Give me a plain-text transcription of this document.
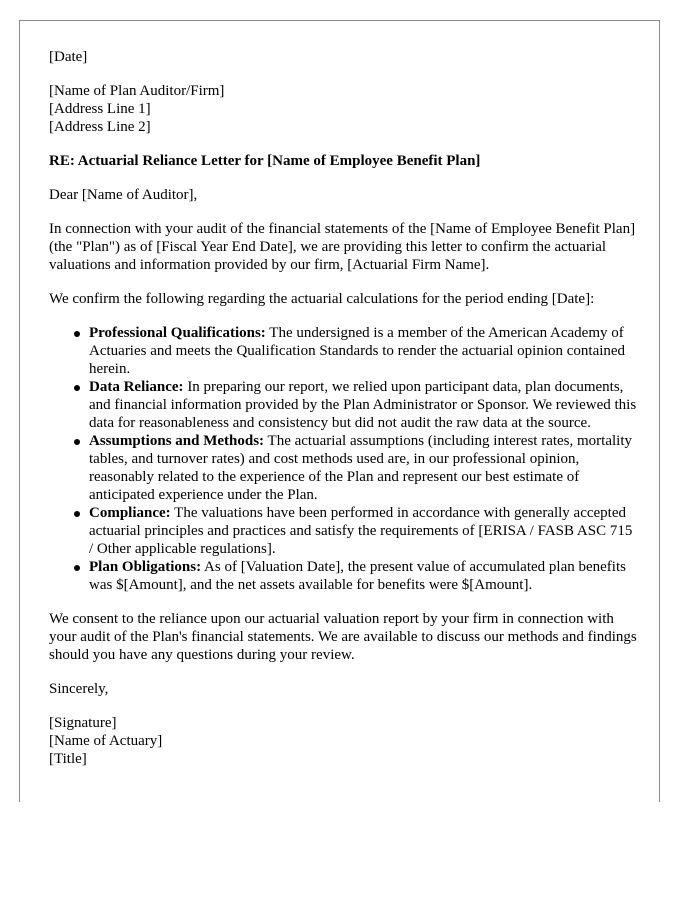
[Date]

[Name of Plan Auditor/Firm]
[Address Line 1]
[Address Line 2]

RE: Actuarial Reliance Letter for [Name of Employee Benefit Plan]

Dear [Name of Auditor],

In connection with your audit of the financial statements of the [Name of Employee Benefit Plan] (the "Plan") as of [Fiscal Year End Date], we are providing this letter to confirm the actuarial valuations and information provided by our firm, [Actuarial Firm Name].

We confirm the following regarding the actuarial calculations for the period ending [Date]:

Professional Qualifications: The undersigned is a member of the American Academy of Actuaries and meets the Qualification Standards to render the actuarial opinion contained herein.
Data Reliance: In preparing our report, we relied upon participant data, plan documents, and financial information provided by the Plan Administrator or Sponsor. We reviewed this data for reasonableness and consistency but did not audit the raw data at the source.
Assumptions and Methods: The actuarial assumptions (including interest rates, mortality tables, and turnover rates) and cost methods used are, in our professional opinion, reasonably related to the experience of the Plan and represent our best estimate of anticipated experience under the Plan.
Compliance: The valuations have been performed in accordance with generally accepted actuarial principles and practices and satisfy the requirements of [ERISA / FASB ASC 715 / Other applicable regulations].
Plan Obligations: As of [Valuation Date], the present value of accumulated plan benefits was $[Amount], and the net assets available for benefits were $[Amount].

We consent to the reliance upon our actuarial valuation report by your firm in connection with your audit of the Plan's financial statements. We are available to discuss our methods and findings should you have any questions during your review.

Sincerely,

[Signature]

[Name of Actuary]

[Title]
